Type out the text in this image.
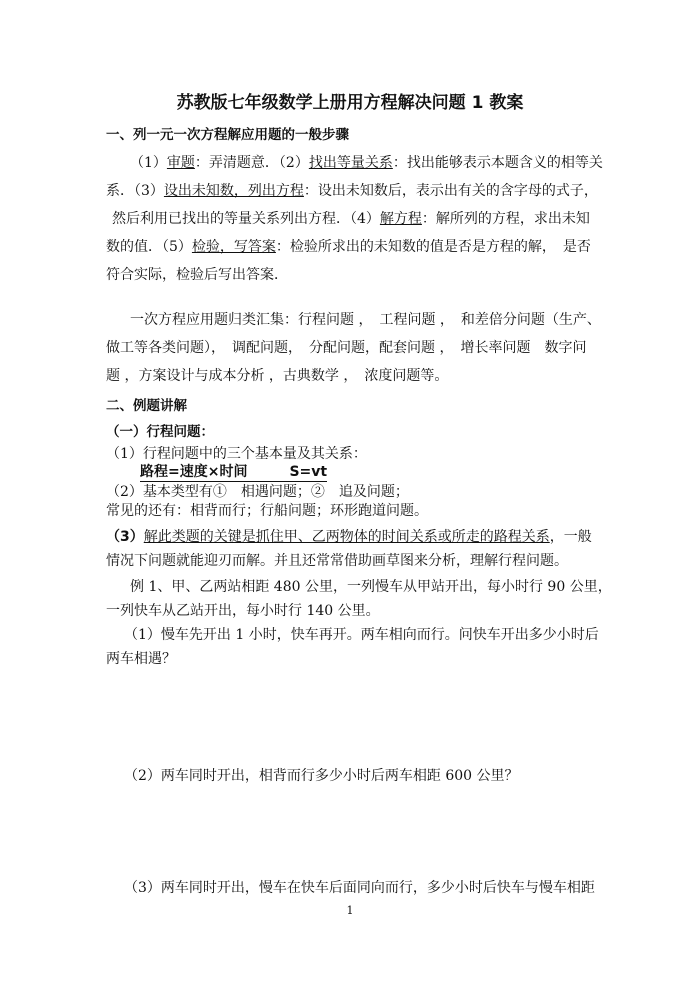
苏教版七年级数学上册用方程解决问题 1 教案
一、列一元一次方程解应用题的一般步骤
（1）审题：弄清题意．（2）找出等量关系：找出能够表示本题含义的相等关
系．（3）设出未知数，列出方程：设出未知数后，表示出有关的含字母的式子，
然后利用已找出的等量关系列出方程．（4）解方程：解所列的方程，求出未知
数的值．（5）检验，写答案：检验所求出的未知数的值是否是方程的解，　是否
符合实际，检验后写出答案．
一次方程应用题归类汇集：行程问题 ，　工程问题 ，　和差倍分问题（生产、
做工等各类问题），　调配问题，　分配问题，配套问题 ，　增长率问题　数字问
题 ，方案设计与成本分析 ，古典数学 ，　浓度问题等。
二、例题讲解
（一）行程问题：
（1）行程问题中的三个基本量及其关系：
路程=速度×时间　　　S=vt
（2）基本类型有①　相遇问题；②　追及问题；
常见的还有：相背而行；行船问题；环形跑道问题。
（3）解此类题的关键是抓住甲、乙两物体的时间关系或所走的路程关系，一般
情况下问题就能迎刃而解。并且还常常借助画草图来分析，理解行程问题。
例 1、甲、乙两站相距 480 公里，一列慢车从甲站开出，每小时行 90 公里，
一列快车从乙站开出，每小时行 140 公里。
（1）慢车先开出 1 小时，快车再开。两车相向而行。问快车开出多少小时后
两车相遇？
（2）两车同时开出，相背而行多少小时后两车相距 600 公里？
（3）两车同时开出，慢车在快车后面同向而行，多少小时后快车与慢车相距
1
